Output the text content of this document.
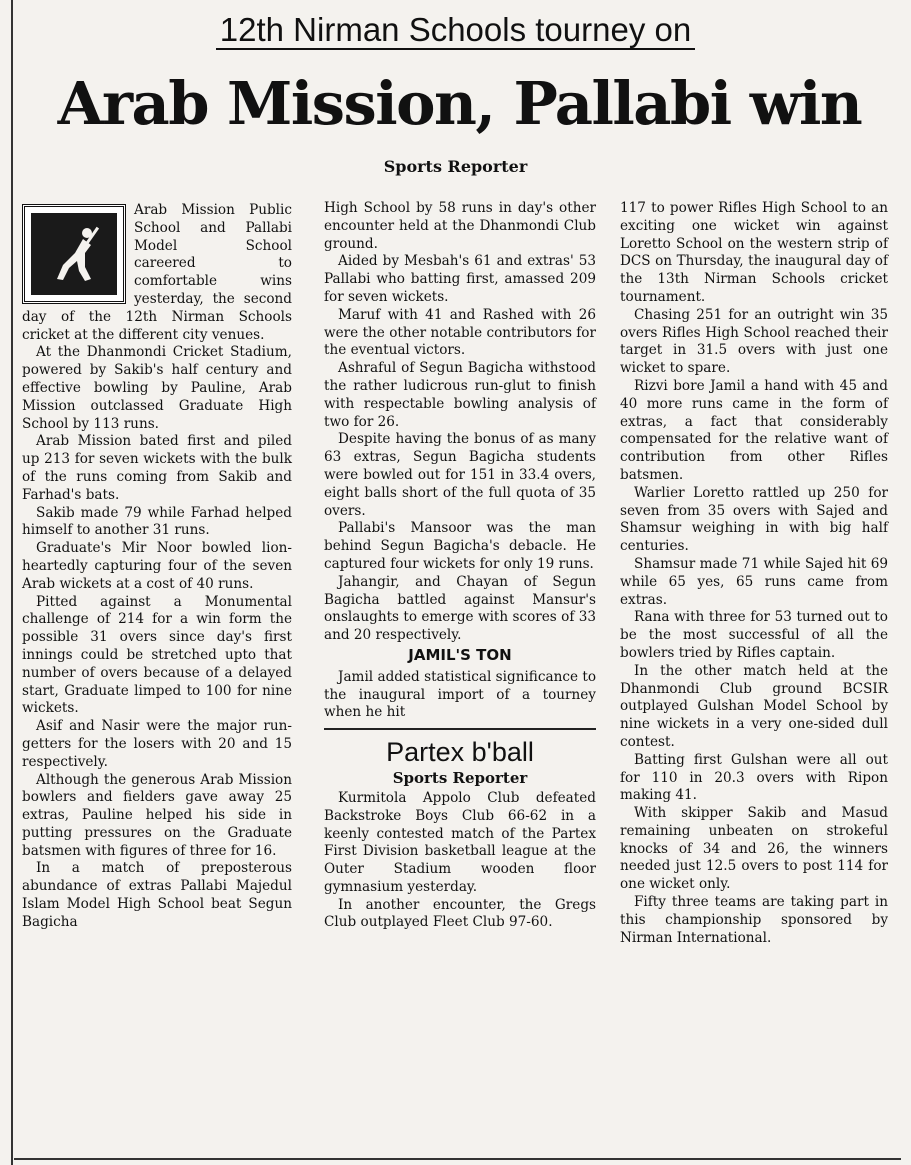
12th Nirman Schools tourney on
Arab Mission, Pallabi win
Sports Reporter

Arab Mission Public School and Pallabi Model School careered to comfortable wins yesterday, the second day of the 12th Nirman Schools cricket at the different city venues.

At the Dhanmondi Cricket Stadium, powered by Sakib's half century and effective bowling by Pauline, Arab Mission outclassed Graduate High School by 113 runs.

Arab Mission bated first and piled up 213 for seven wickets with the bulk of the runs coming from Sakib and Farhad's bats.

Sakib made 79 while Farhad helped himself to another 31 runs.

Graduate's Mir Noor bowled lion-heartedly capturing four of the seven Arab wickets at a cost of 40 runs.

Pitted against a Monumental challenge of 214 for a win form the possible 31 overs since day's first innings could be stretched upto that number of overs because of a delayed start, Graduate limped to 100 for nine wickets.

Asif and Nasir were the major run-getters for the losers with 20 and 15 respectively.

Although the generous Arab Mission bowlers and fielders gave away 25 extras, Pauline helped his side in putting pressures on the Graduate batsmen with figures of three for 16.

In a match of preposterous abundance of extras Pallabi Majedul Islam Model High School beat Segun Bagicha

High School by 58 runs in day's other encounter held at the Dhanmondi Club ground.

Aided by Mesbah's 61 and extras' 53 Pallabi who batting first, amassed 209 for seven wickets.

Maruf with 41 and Rashed with 26 were the other notable contributors for the eventual victors.

Ashraful of Segun Bagicha withstood the rather ludicrous run-glut to finish with respectable bowling analysis of two for 26.

Despite having the bonus of as many 63 extras, Segun Bagicha students were bowled out for 151 in 33.4 overs, eight balls short of the full quota of 35 overs.

Pallabi's Mansoor was the man behind Segun Bagicha's debacle. He captured four wickets for only 19 runs.

Jahangir, and Chayan of Segun Bagicha battled against Mansur's onslaughts to emerge with scores of 33 and 20 respectively.

JAMIL'S TON

Jamil added statistical significance to the inaugural import of a tourney when he hit

Partex b'ball
Sports Reporter

Kurmitola Appolo Club defeated Backstroke Boys Club 66-62 in a keenly contested match of the Partex First Division basketball league at the Outer Stadium wooden floor gymnasium yesterday.

In another encounter, the Gregs Club outplayed Fleet Club 97-60.

117 to power Rifles High School to an exciting one wicket win against Loretto School on the western strip of DCS on Thursday, the inaugural day of the 13th Nirman Schools cricket tournament.

Chasing 251 for an outright win 35 overs Rifles High School reached their target in 31.5 overs with just one wicket to spare.

Rizvi bore Jamil a hand with 45 and 40 more runs came in the form of extras, a fact that considerably compensated for the relative want of contribution from other Rifles batsmen.

Warlier Loretto rattled up 250 for seven from 35 overs with Sajed and Shamsur weighing in with big half centuries.

Shamsur made 71 while Sajed hit 69 while 65 yes, 65 runs came from extras.

Rana with three for 53 turned out to be the most successful of all the bowlers tried by Rifles captain.

In the other match held at the Dhanmondi Club ground BCSIR outplayed Gulshan Model School by nine wickets in a very one-sided dull contest.

Batting first Gulshan were all out for 110 in 20.3 overs with Ripon making 41.

With skipper Sakib and Masud remaining unbeaten on strokeful knocks of 34 and 26, the winners needed just 12.5 overs to post 114 for one wicket only.

Fifty three teams are taking part in this championship sponsored by Nirman International.
